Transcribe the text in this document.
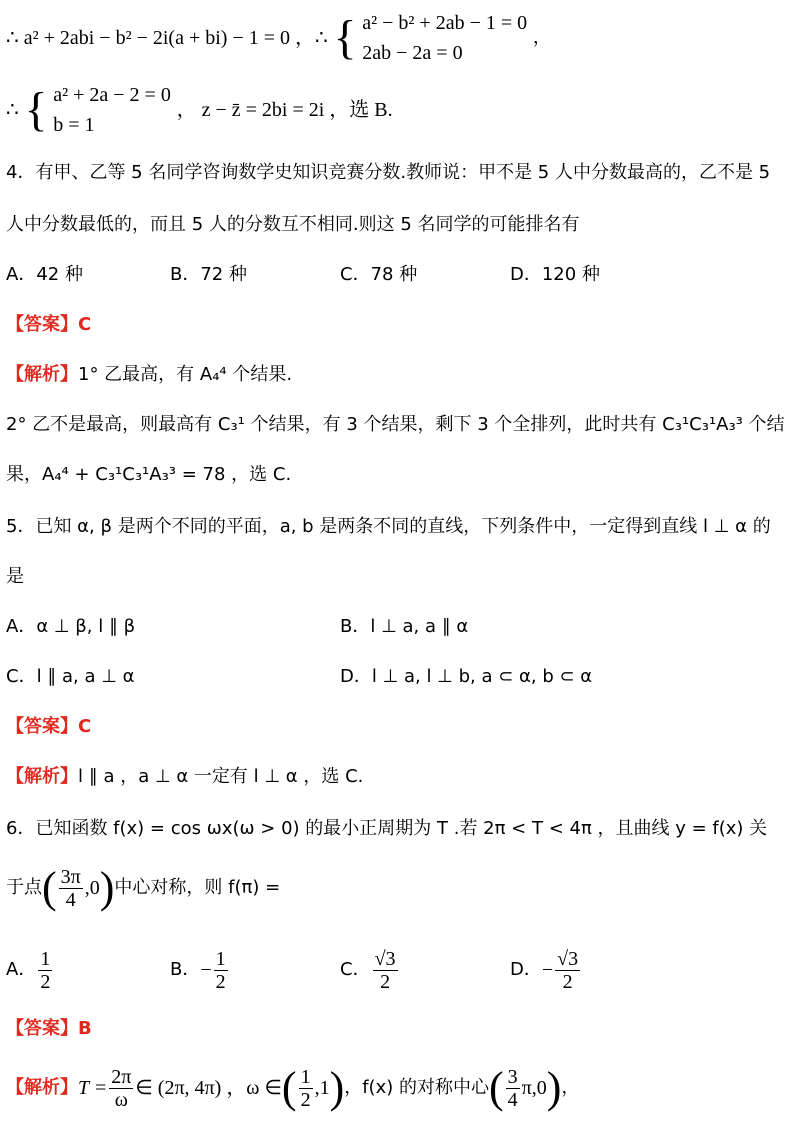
∴ a² + 2abi − b² − 2i(a + bi) − 1 = 0 ，∴ { a² − b² + 2ab − 1 = 0
2ab − 2a = 0
，
∴ { a² + 2a − 2 = 0
b = 1
， z − z̄ = 2bi = 2i ，选 B.
4．有甲、乙等 5 名同学咨询数学史知识竞赛分数.教师说：甲不是 5 人中分数最高的，乙不是 5
人中分数最低的，而且 5 人的分数互不相同.则这 5 名同学的可能排名有
A．42 种	B．72 种	C．78 种	D．120 种
【答案】C
【解析】1° 乙最高，有 A₄⁴ 个结果.
2° 乙不是最高，则最高有 C₃¹ 个结果，有 3 个结果，剩下 3 个全排列，此时共有 C₃¹C₃¹A₃³ 个结
果，A₄⁴ + C₃¹C₃¹A₃³ = 78 ，选 C.
5．已知 α, β 是两个不同的平面，a, b 是两条不同的直线，下列条件中，一定得到直线 l ⊥ α 的
是
A．α ⊥ β, l ∥ β	B．l ⊥ a, a ∥ α
C．l ∥ a, a ⊥ α	D．l ⊥ a, l ⊥ b, a ⊂ α, b ⊂ α
【答案】C
【解析】l ∥ a ，a ⊥ α 一定有 l ⊥ α ，选 C.
6．已知函数 f(x) = cos ωx(ω > 0) 的最小正周期为 T .若 2π < T < 4π ，且曲线 y = f(x) 关
于点( $\frac{3\pi}{4} ,0$)中心对称，则 f(π) =
A． $\frac{1}{2}$	B．− $\frac{1}{2}$	C． $\frac{√3}{2}$	D．− $\frac{√3}{2}$
【答案】B
【解析】$T = \frac{2\pi}{\omega}$ ∈ (2π, 4π) ，ω ∈( $\frac{1}{2} ,1$)，f(x) 的对称中心( $\frac{3}{4} \pi,0$)，
